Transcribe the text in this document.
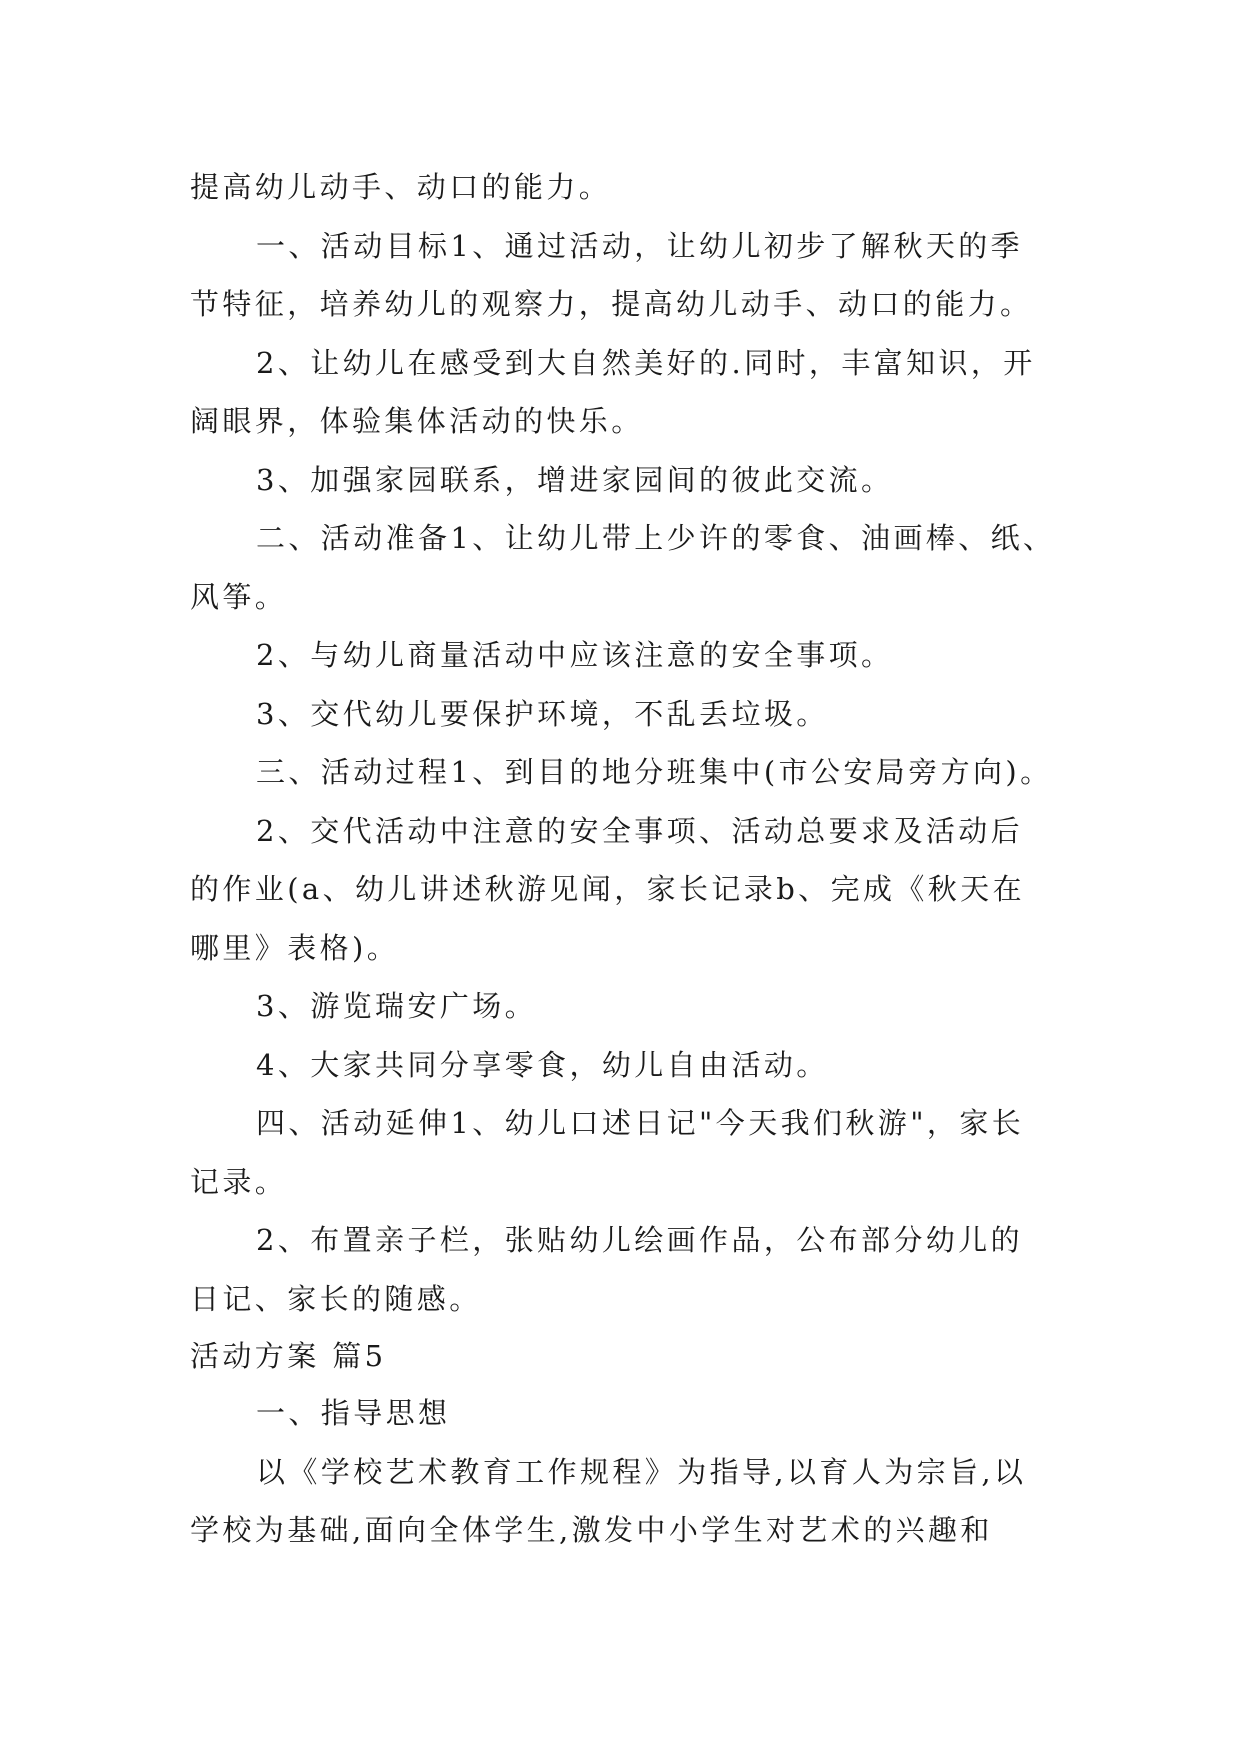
提高幼儿动手、动口的能力。
一、活动目标1、通过活动，让幼儿初步了解秋天的季
节特征，培养幼儿的观察力，提高幼儿动手、动口的能力。
2、让幼儿在感受到大自然美好的.同时，丰富知识，开
阔眼界，体验集体活动的快乐。
3、加强家园联系，增进家园间的彼此交流。
二、活动准备1、让幼儿带上少许的零食、油画棒、纸、
风筝。
2、与幼儿商量活动中应该注意的安全事项。
3、交代幼儿要保护环境，不乱丢垃圾。
三、活动过程1、到目的地分班集中(市公安局旁方向)。
2、交代活动中注意的安全事项、活动总要求及活动后
的作业(a、幼儿讲述秋游见闻，家长记录b、完成《秋天在
哪里》表格)。
3、游览瑞安广场。
4、大家共同分享零食，幼儿自由活动。
四、活动延伸1、幼儿口述日记"今天我们秋游"，家长
记录。
2、布置亲子栏，张贴幼儿绘画作品，公布部分幼儿的
日记、家长的随感。
活动方案 篇5
一、指导思想
以《学校艺术教育工作规程》为指导,以育人为宗旨,以
学校为基础,面向全体学生,激发中小学生对艺术的兴趣和
